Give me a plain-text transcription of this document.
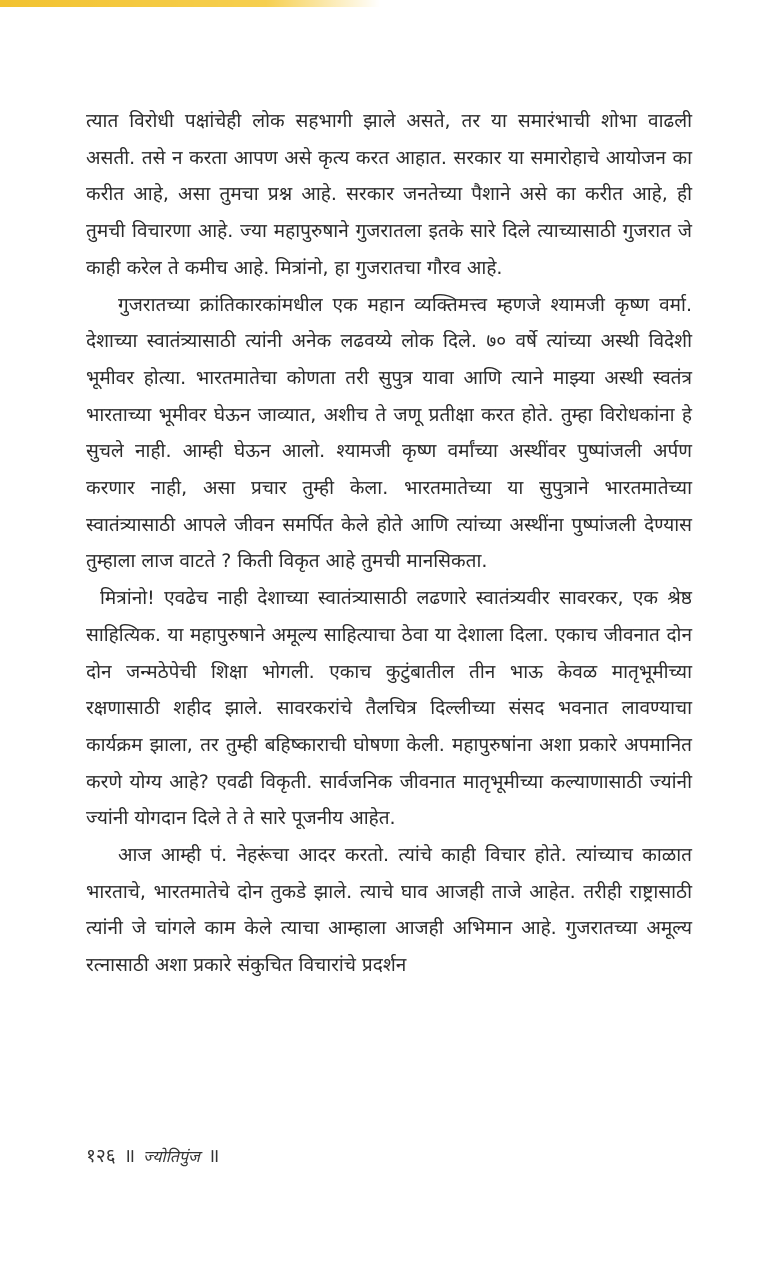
त्यात विरोधी पक्षांचेही लोक सहभागी झाले असते, तर या समारंभाची शोभा वाढली असती. तसे न करता आपण असे कृत्य करत आहात. सरकार या समारोहाचे आयोजन का करीत आहे, असा तुमचा प्रश्न आहे. सरकार जनतेच्या पैशाने असे का करीत आहे, ही तुमची विचारणा आहे. ज्या महापुरुषाने गुजरातला इतके सारे दिले त्याच्यासाठी गुजरात जे काही करेल ते कमीच आहे. मित्रांनो, हा गुजरातचा गौरव आहे.

गुजरातच्या क्रांतिकारकांमधील एक महान व्यक्तिमत्त्व म्हणजे श्यामजी कृष्ण वर्मा. देशाच्या स्वातंत्र्यासाठी त्यांनी अनेक लढवय्ये लोक दिले. ७० वर्षे त्यांच्या अस्थी विदेशी भूमीवर होत्या. भारतमातेचा कोणता तरी सुपुत्र यावा आणि त्याने माझ्या अस्थी स्वतंत्र भारताच्या भूमीवर घेऊन जाव्यात, अशीच ते जणू प्रतीक्षा करत होते. तुम्हा विरोधकांना हे सुचले नाही. आम्ही घेऊन आलो. श्यामजी कृष्ण वर्मांच्या अस्थींवर पुष्पांजली अर्पण करणार नाही, असा प्रचार तुम्ही केला. भारतमातेच्या या सुपुत्राने भारतमातेच्या स्वातंत्र्यासाठी आपले जीवन समर्पित केले होते आणि त्यांच्या अस्थींना पुष्पांजली देण्यास तुम्हाला लाज वाटते ? किती विकृत आहे तुमची मानसिकता.

मित्रांनो! एवढेच नाही देशाच्या स्वातंत्र्यासाठी लढणारे स्वातंत्र्यवीर सावरकर, एक श्रेष्ठ साहित्यिक. या महापुरुषाने अमूल्य साहित्याचा ठेवा या देशाला दिला. एकाच जीवनात दोन दोन जन्मठेपेची शिक्षा भोगली. एकाच कुटुंबातील तीन भाऊ केवळ मातृभूमीच्या रक्षणासाठी शहीद झाले. सावरकरांचे तैलचित्र दिल्लीच्या संसद भवनात लावण्याचा कार्यक्रम झाला, तर तुम्ही बहिष्काराची घोषणा केली. महापुरुषांना अशा प्रकारे अपमानित करणे योग्य आहे? एवढी विकृती. सार्वजनिक जीवनात मातृभूमीच्या कल्याणासाठी ज्यांनी ज्यांनी योगदान दिले ते ते सारे पूजनीय आहेत.

आज आम्ही पं. नेहरूंचा आदर करतो. त्यांचे काही विचार होते. त्यांच्याच काळात भारताचे, भारतमातेचे दोन तुकडे झाले. त्याचे घाव आजही ताजे आहेत. तरीही राष्ट्रासाठी त्यांनी जे चांगले काम केले त्याचा आम्हाला आजही अभिमान आहे. गुजरातच्या अमूल्य रत्नासाठी अशा प्रकारे संकुचित विचारांचे प्रदर्शन

१२६ ॥ ज्योतिपुंज ॥
